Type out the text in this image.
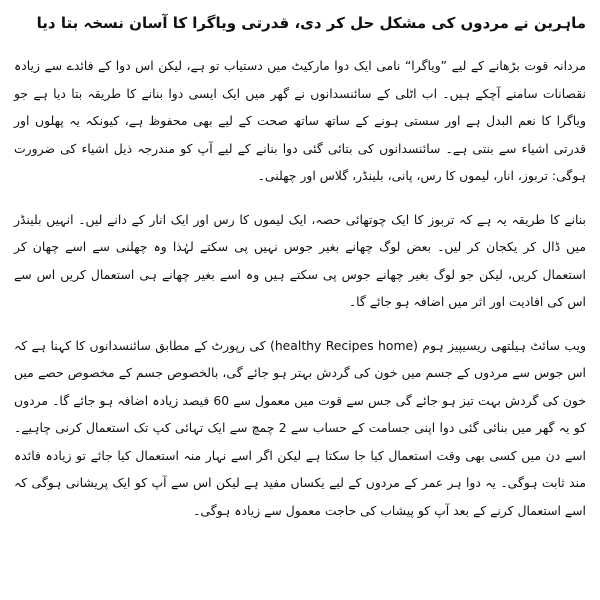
ماہرین نے مردوں کی مشکل حل کر دی، قدرتی ویاگرا کا آسان نسخہ بتا دیا

مردانہ قوت بڑھانے کے لیے ”ویاگرا“ نامی ایک دوا مارکیٹ میں دستیاب تو ہے، لیکن اس دوا کے فائدے سے زیادہ نقصانات سامنے آچکے ہیں۔ اب اٹلی کے سائنسدانوں نے گھر میں ایک ایسی دوا بنانے کا طریقہ بتا دیا ہے جو ویاگرا کا نعم البدل ہے اور سستی ہونے کے ساتھ ساتھ صحت کے لیے بھی محفوظ ہے، کیونکہ یہ پھلوں اور قدرتی اشیاء سے بنتی ہے۔ سائنسدانوں کی بتائی گئی دوا بنانے کے لیے آپ کو مندرجہ ذیل اشیاء کی ضرورت ہوگی: تربوز، انار، لیموں کا رس، پانی، بلینڈر، گلاس اور چھلنی۔

بنانے کا طریقہ یہ ہے کہ تربوز کا ایک چوتھائی حصہ، ایک لیموں کا رس اور ایک انار کے دانے لیں۔ انہیں بلینڈر میں ڈال کر یکجان کر لیں۔ بعض لوگ چھانے بغیر جوس نہیں پی سکتے لہٰذا وہ چھلنی سے اسے چھان کر استعمال کریں، لیکن جو لوگ بغیر چھانے جوس پی سکتے ہیں وہ اسے بغیر چھانے ہی استعمال کریں اس سے اس کی افادیت اور اثر میں اضافہ ہو جائے گا۔

ویب سائٹ ہیلتھی ریسیپیز ہوم (healthy Recipes home) کی رپورٹ کے مطابق سائنسدانوں کا کہنا ہے کہ اس جوس سے مردوں کے جسم میں خون کی گردش بہتر ہو جائے گی، بالخصوص جسم کے مخصوص حصے میں خون کی گردش بہت تیز ہو جائے گی جس سے قوت میں معمول سے 60 فیصد زیادہ اضافہ ہو جائے گا۔ مردوں کو یہ گھر میں بنائی گئی دوا اپنی جسامت کے حساب سے 2 چمچ سے ایک تہائی کپ تک استعمال کرنی چاہیے۔ اسے دن میں کسی بھی وقت استعمال کیا جا سکتا ہے لیکن اگر اسے نہار منہ استعمال کیا جائے تو زیادہ فائدہ مند ثابت ہوگی۔ یہ دوا ہر عمر کے مردوں کے لیے یکساں مفید ہے لیکن اس سے آپ کو ایک پریشانی ہوگی کہ اسے استعمال کرنے کے بعد آپ کو پیشاب کی حاجت معمول سے زیادہ ہوگی۔
